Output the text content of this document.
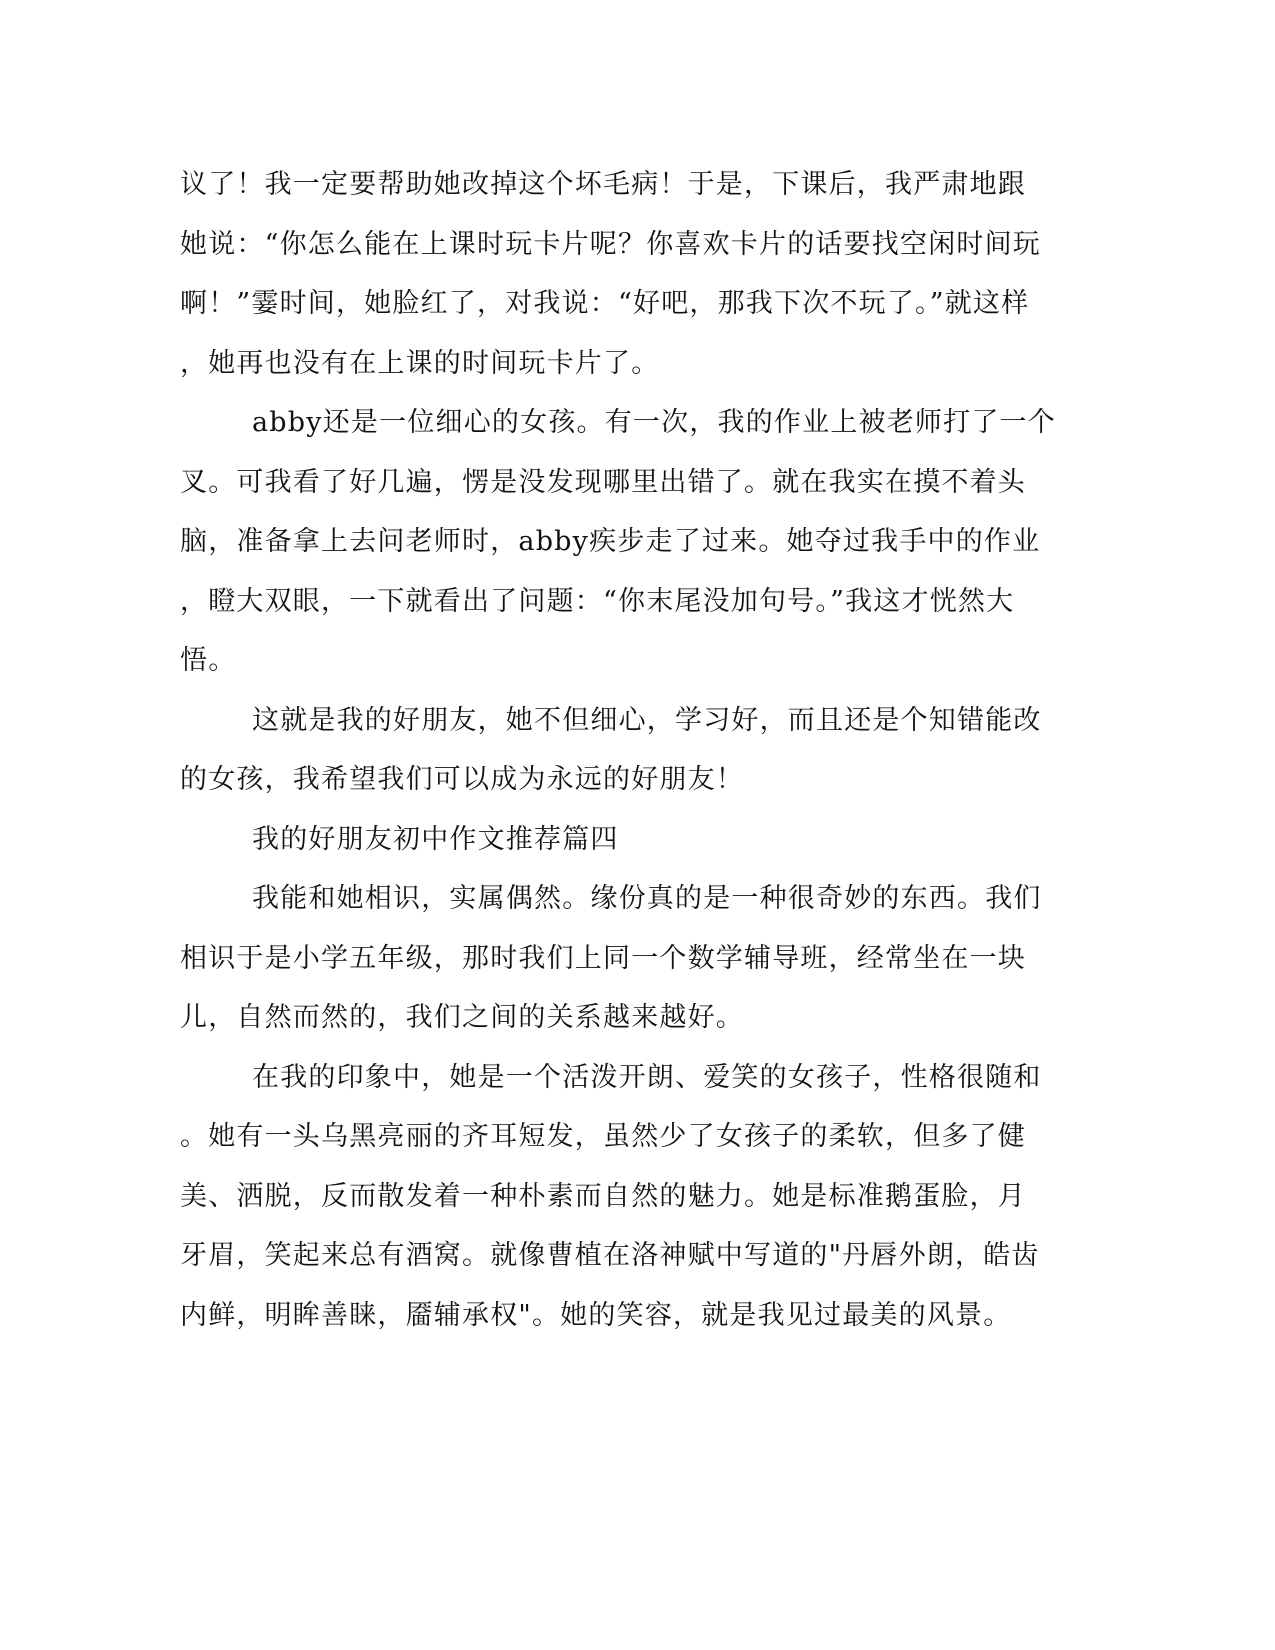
议了！我一定要帮助她改掉这个坏毛病！于是，下课后，我严肃地跟
她说：“你怎么能在上课时玩卡片呢？你喜欢卡片的话要找空闲时间玩
啊！”霎时间，她脸红了，对我说：“好吧，那我下次不玩了。”就这样
，她再也没有在上课的时间玩卡片了。
abby还是一位细心的女孩。有一次，我的作业上被老师打了一个
叉。可我看了好几遍，愣是没发现哪里出错了。就在我实在摸不着头
脑，准备拿上去问老师时，abby疾步走了过来。她夺过我手中的作业
，瞪大双眼，一下就看出了问题：“你末尾没加句号。”我这才恍然大
悟。
这就是我的好朋友，她不但细心，学习好，而且还是个知错能改
的女孩，我希望我们可以成为永远的好朋友！
我的好朋友初中作文推荐篇四
我能和她相识，实属偶然。缘份真的是一种很奇妙的东西。我们
相识于是小学五年级，那时我们上同一个数学辅导班，经常坐在一块
儿，自然而然的，我们之间的关系越来越好。
在我的印象中，她是一个活泼开朗、爱笑的女孩子，性格很随和
。她有一头乌黑亮丽的齐耳短发，虽然少了女孩子的柔软，但多了健
美、洒脱，反而散发着一种朴素而自然的魅力。她是标准鹅蛋脸，月
牙眉，笑起来总有酒窝。就像曹植在洛神赋中写道的"丹唇外朗，皓齿
内鲜，明眸善睐，靥辅承权"。她的笑容，就是我见过最美的风景。
